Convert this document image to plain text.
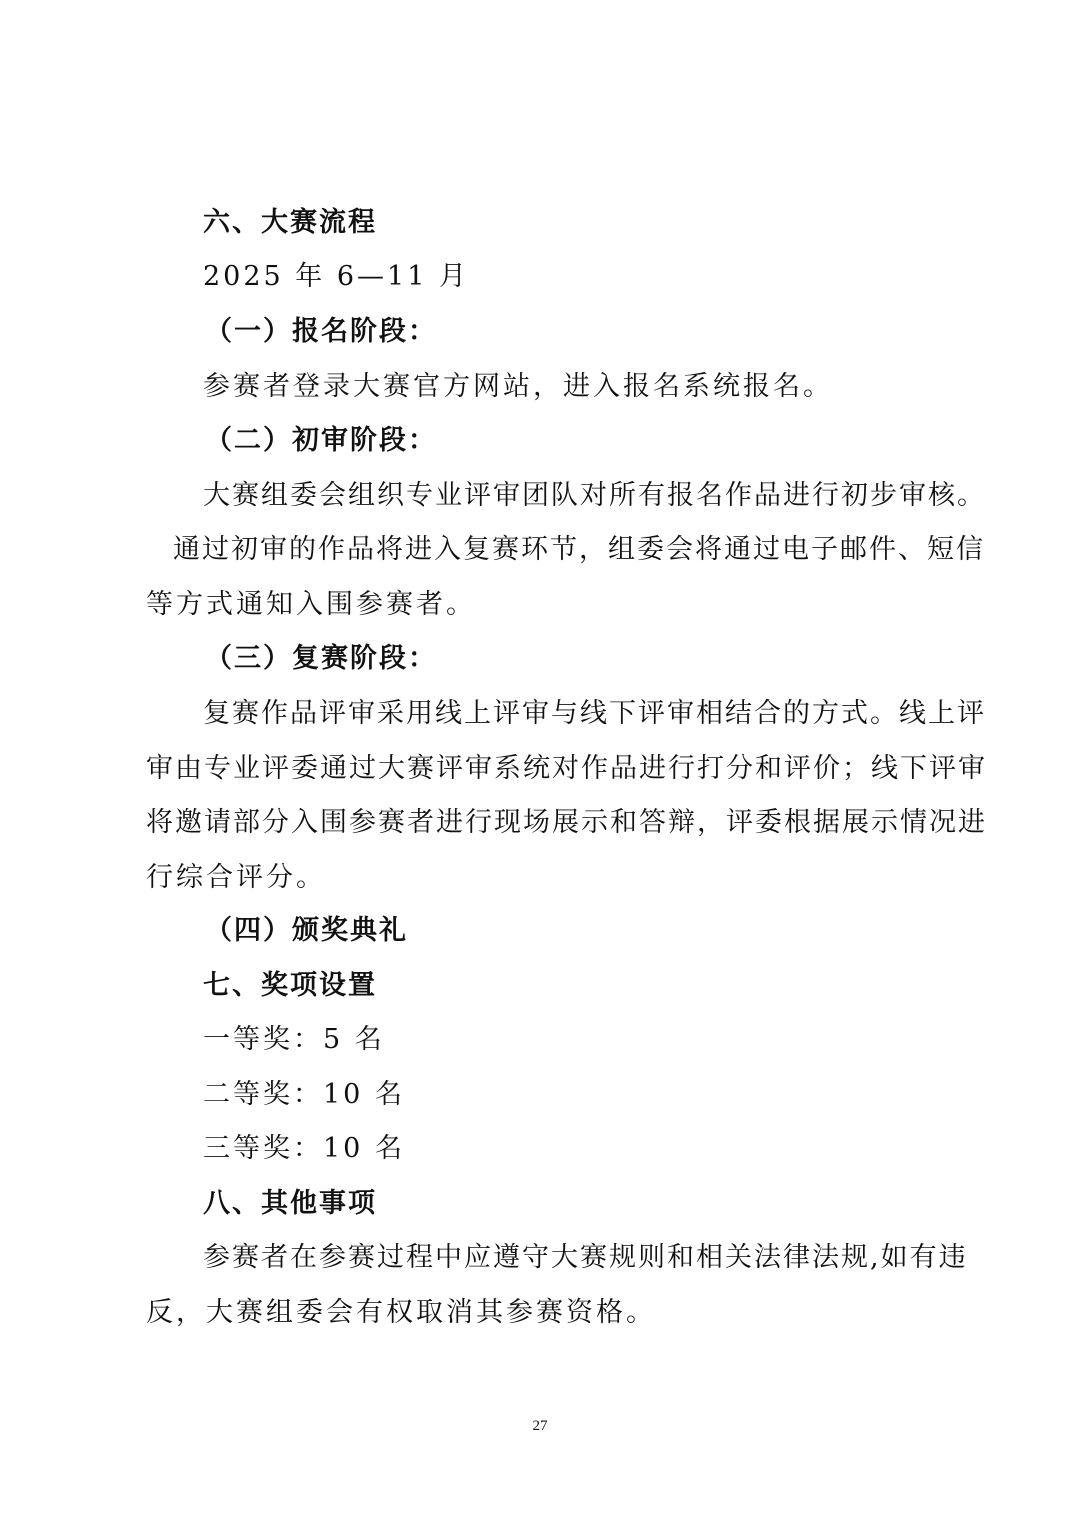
六、大赛流程
2025 年 6—11 月
（一）报名阶段：
参赛者登录大赛官方网站，进入报名系统报名。
（二）初审阶段：
大赛组委会组织专业评审团队对所有报名作品进行初步审核。
通过初审的作品将进入复赛环节，组委会将通过电子邮件、短信
等方式通知入围参赛者。
（三）复赛阶段：
复赛作品评审采用线上评审与线下评审相结合的方式。线上评
审由专业评委通过大赛评审系统对作品进行打分和评价；线下评审
将邀请部分入围参赛者进行现场展示和答辩，评委根据展示情况进
行综合评分。
（四）颁奖典礼
七、奖项设置
一等奖：5 名
二等奖：10 名
三等奖：10 名
八、其他事项
参赛者在参赛过程中应遵守大赛规则和相关法律法规,如有违
反，大赛组委会有权取消其参赛资格。
27
